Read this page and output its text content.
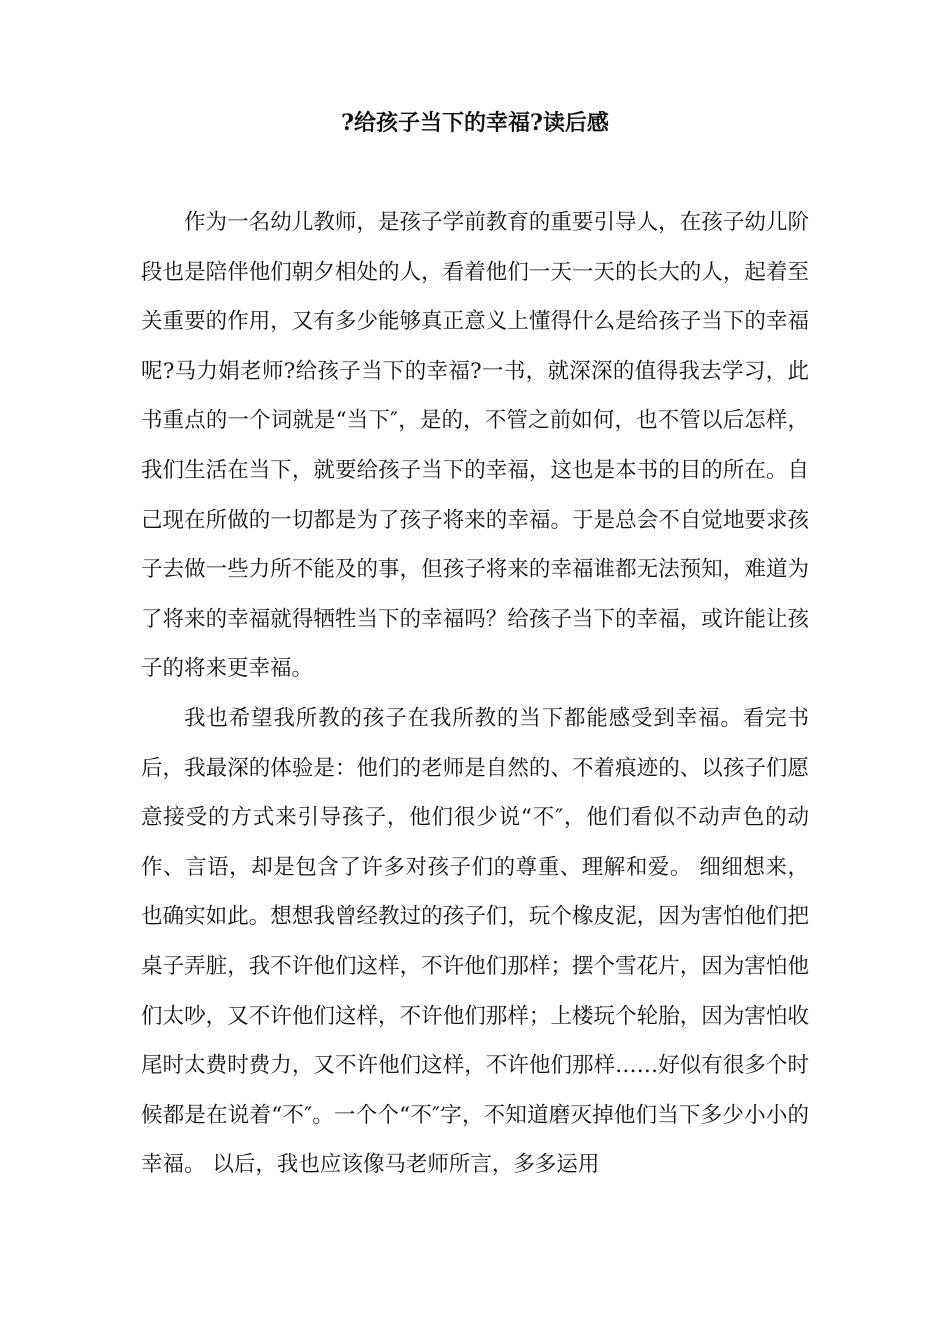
?给孩子当下的幸福?读后感

作为一名幼儿教师，是孩子学前教育的重要引导人，在孩子幼儿阶段也是陪伴他们朝夕相处的人，看着他们一天一天的长大的人，起着至关重要的作用，又有多少能够真正意义上懂得什么是给孩子当下的幸福呢?马力娟老师?给孩子当下的幸福?一书，就深深的值得我去学习，此书重点的一个词就是“当下″，是的，不管之前如何，也不管以后怎样，我们生活在当下，就要给孩子当下的幸福，这也是本书的目的所在。自己现在所做的一切都是为了孩子将来的幸福。于是总会不自觉地要求孩子去做一些力所不能及的事，但孩子将来的幸福谁都无法预知，难道为了将来的幸福就得牺牲当下的幸福吗？给孩子当下的幸福，或许能让孩子的将来更幸福。

我也希望我所教的孩子在我所教的当下都能感受到幸福。看完书后，我最深的体验是：他们的老师是自然的、不着痕迹的、以孩子们愿意接受的方式来引导孩子，他们很少说“不″，他们看似不动声色的动作、言语，却是包含了许多对孩子们的尊重、理解和爱。 细细想来，也确实如此。想想我曾经教过的孩子们，玩个橡皮泥，因为害怕他们把桌子弄脏，我不许他们这样，不许他们那样；摆个雪花片，因为害怕他们太吵，又不许他们这样，不许他们那样；上楼玩个轮胎，因为害怕收尾时太费时费力，又不许他们这样，不许他们那样……好似有很多个时候都是在说着“不″。一个个“不″字，不知道磨灭掉他们当下多少小小的幸福。 以后，我也应该像马老师所言，多多运用
